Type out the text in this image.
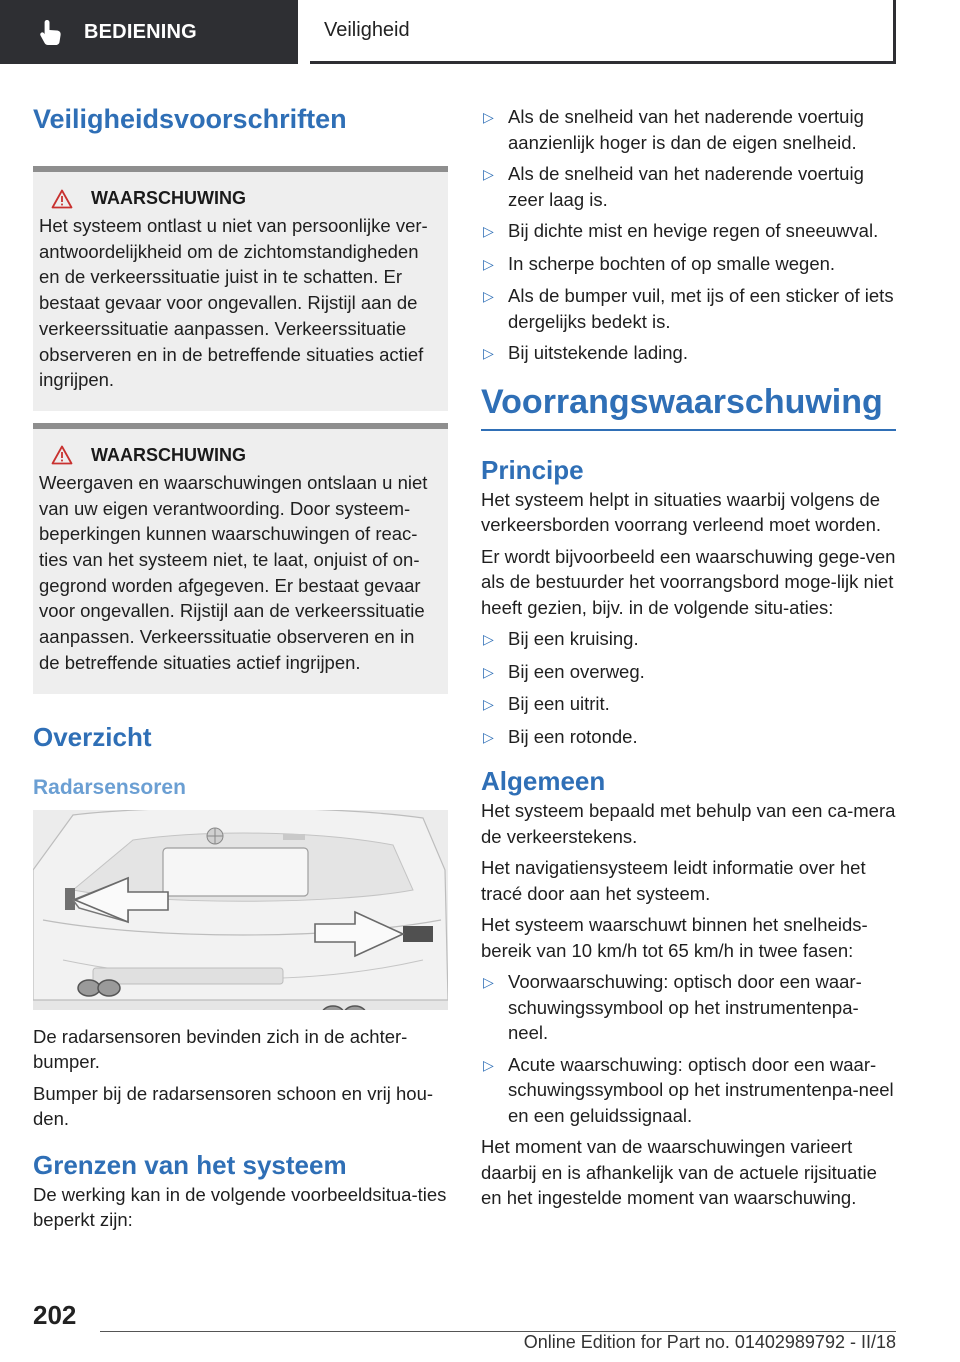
BEDIENING	Veiligheid
Veiligheidsvoorschriften
WAARSCHUWING

Het systeem ontlast u niet van persoonlijke ver-antwoordelijkheid om de zichtomstandigheden en de verkeerssituatie juist in te schatten. Er bestaat gevaar voor ongevallen. Rijstijl aan de verkeerssituatie aanpassen. Verkeerssituatie observeren en in de betreffende situaties actief ingrijpen.

WAARSCHUWING

Weergaven en waarschuwingen ontslaan u niet van uw eigen verantwoording. Door systeem-beperkingen kunnen waarschuwingen of reac-ties van het systeem niet, te laat, onjuist of on-gegrond worden afgegeven. Er bestaat gevaar voor ongevallen. Rijstijl aan de verkeerssituatie aanpassen. Verkeerssituatie observeren en in de betreffende situaties actief ingrijpen.

Overzicht
Radarsensoren

De radarsensoren bevinden zich in de achter-bumper.

Bumper bij de radarsensoren schoon en vrij hou-den.

Grenzen van het systeem

De werking kan in de volgende voorbeeldsitua-ties beperkt zijn:

▷ Als de snelheid van het naderende voertuig aanzienlijk hoger is dan de eigen snelheid.
▷ Als de snelheid van het naderende voertuig zeer laag is.
▷ Bij dichte mist en hevige regen of sneeuwval.
▷ In scherpe bochten of op smalle wegen.
▷ Als de bumper vuil, met ijs of een sticker of iets dergelijks bedekt is.
▷ Bij uitstekende lading.
Voorrangswaarschuwing
Principe

Het systeem helpt in situaties waarbij volgens de verkeersborden voorrang verleend moet worden.

Er wordt bijvoorbeeld een waarschuwing gege-ven als de bestuurder het voorrangsbord moge-lijk niet heeft gezien, bijv. in de volgende situ-aties:

▷ Bij een kruising.
▷ Bij een overweg.
▷ Bij een uitrit.
▷ Bij een rotonde.
Algemeen

Het systeem bepaald met behulp van een ca-mera de verkeerstekens.

Het navigatiensysteem leidt informatie over het tracé door aan het systeem.

Het systeem waarschuwt binnen het snelheids-bereik van 10 km/h tot 65 km/h in twee fasen:

▷ Voorwaarschuwing: optisch door een waar-schuwingssymbool op het instrumentenpa-neel.
▷ Acute waarschuwing: optisch door een waar-schuwingssymbool op het instrumentenpa-neel en een geluidssignaal.

Het moment van de waarschuwingen varieert daarbij en is afhankelijk van de actuele rijsituatie en het ingestelde moment van waarschuwing.

202
Online Edition for Part no. 01402989792 - II/18
